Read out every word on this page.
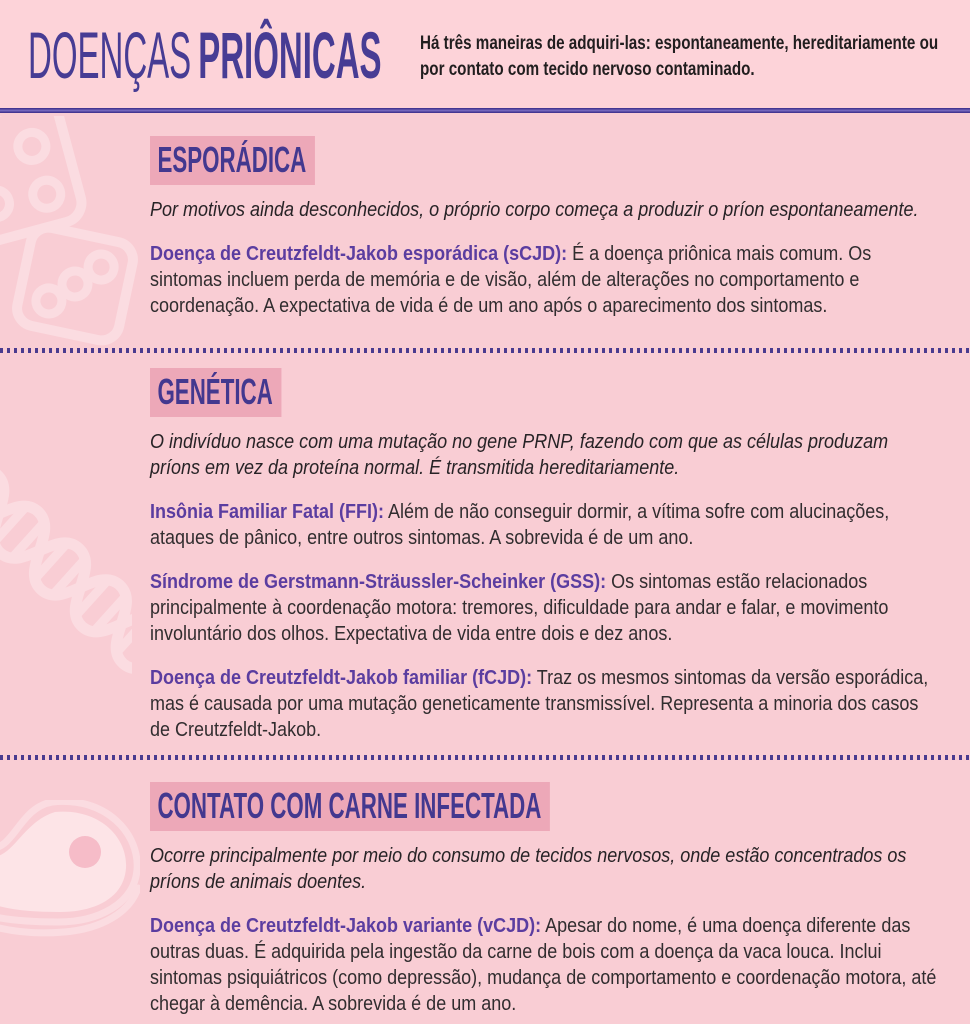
DOENÇAS PRIÔNICAS Há três maneiras de adquiri-las: espontaneamente, hereditariamente ou por contato com tecido nervoso contaminado.

ESPORÁDICA

Por motivos ainda desconhecidos, o próprio corpo começa a produzir o príon espontaneamente.

Doença de Creutzfeldt-Jakob esporádica (sCJD): É a doença priônica mais comum. Os sintomas incluem perda de memória e de visão, além de alterações no comportamento e coordenação. A expectativa de vida é de um ano após o aparecimento dos sintomas.

GENÉTICA

O indivíduo nasce com uma mutação no gene PRNP, fazendo com que as células produzam príons em vez da proteína normal. É transmitida hereditariamente.

Insônia Familiar Fatal (FFI): Além de não conseguir dormir, a vítima sofre com alucinações, ataques de pânico, entre outros sintomas. A sobrevida é de um ano.

Síndrome de Gerstmann-Sträussler-Scheinker (GSS): Os sintomas estão relacionados principalmente à coordenação motora: tremores, dificuldade para andar e falar, e movimento involuntário dos olhos. Expectativa de vida entre dois e dez anos.

Doença de Creutzfeldt-Jakob familiar (fCJD): Traz os mesmos sintomas da versão esporádica, mas é causada por uma mutação geneticamente transmissível. Representa a minoria dos casos de Creutzfeldt-Jakob.

CONTATO COM CARNE INFECTADA

Ocorre principalmente por meio do consumo de tecidos nervosos, onde estão concentrados os príons de animais doentes.

Doença de Creutzfeldt-Jakob variante (vCJD): Apesar do nome, é uma doença diferente das outras duas. É adquirida pela ingestão da carne de bois com a doença da vaca louca. Inclui sintomas psiquiátricos (como depressão), mudança de comportamento e coordenação motora, até chegar à demência. A sobrevida é de um ano.
